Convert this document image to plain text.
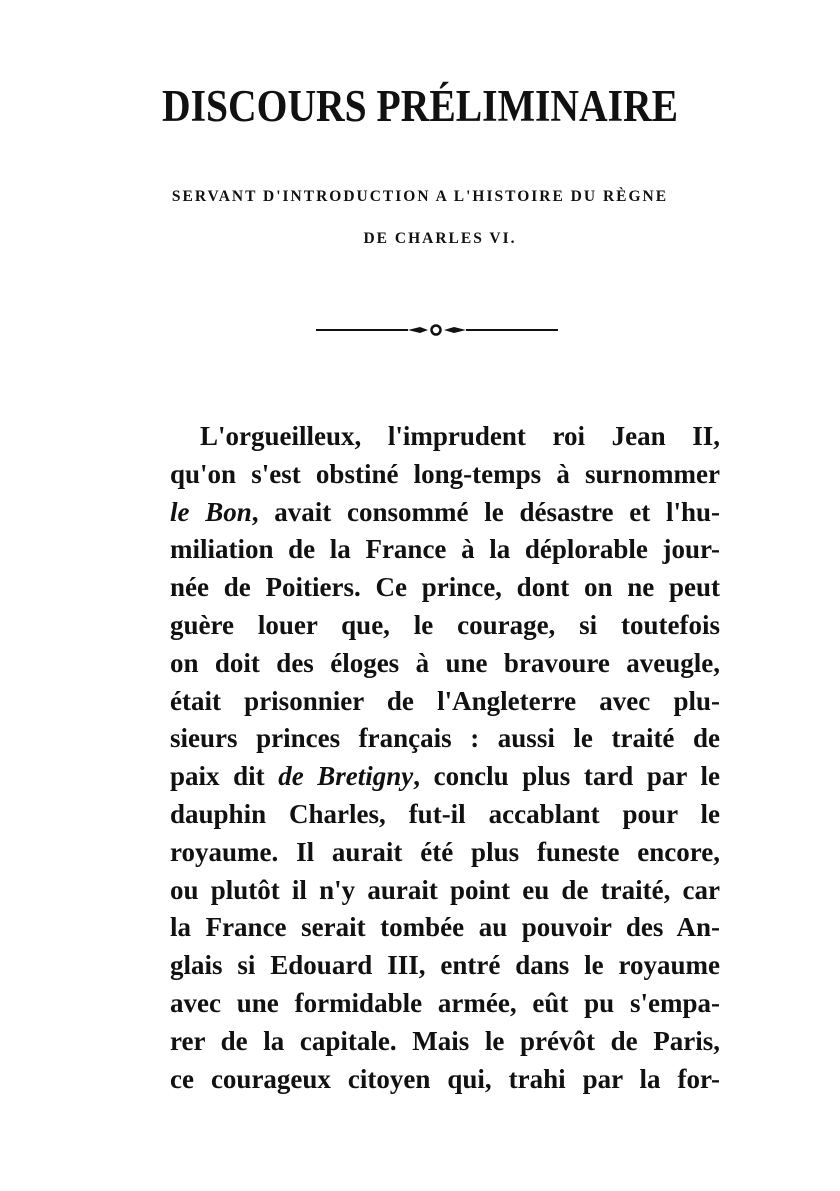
DISCOURS PRÉLIMINAIRE
SERVANT D'INTRODUCTION A L'HISTOIRE DU RÈGNE
DE CHARLES VI.
L'orgueilleux, l'imprudent roi Jean II,
qu'on s'est obstiné long-temps à surnommer
le Bon, avait consommé le désastre et l'hu-
miliation de la France à la déplorable jour-
née de Poitiers. Ce prince, dont on ne peut
guère louer que, le courage, si toutefois
on doit des éloges à une bravoure aveugle,
était prisonnier de l'Angleterre avec plu-
sieurs princes français : aussi le traité de
paix dit de Bretigny, conclu plus tard par le
dauphin Charles, fut-il accablant pour le
royaume. Il aurait été plus funeste encore,
ou plutôt il n'y aurait point eu de traité, car
la France serait tombée au pouvoir des An-
glais si Edouard III, entré dans le royaume
avec une formidable armée, eût pu s'empa-
rer de la capitale. Mais le prévôt de Paris,
ce courageux citoyen qui, trahi par la for-
